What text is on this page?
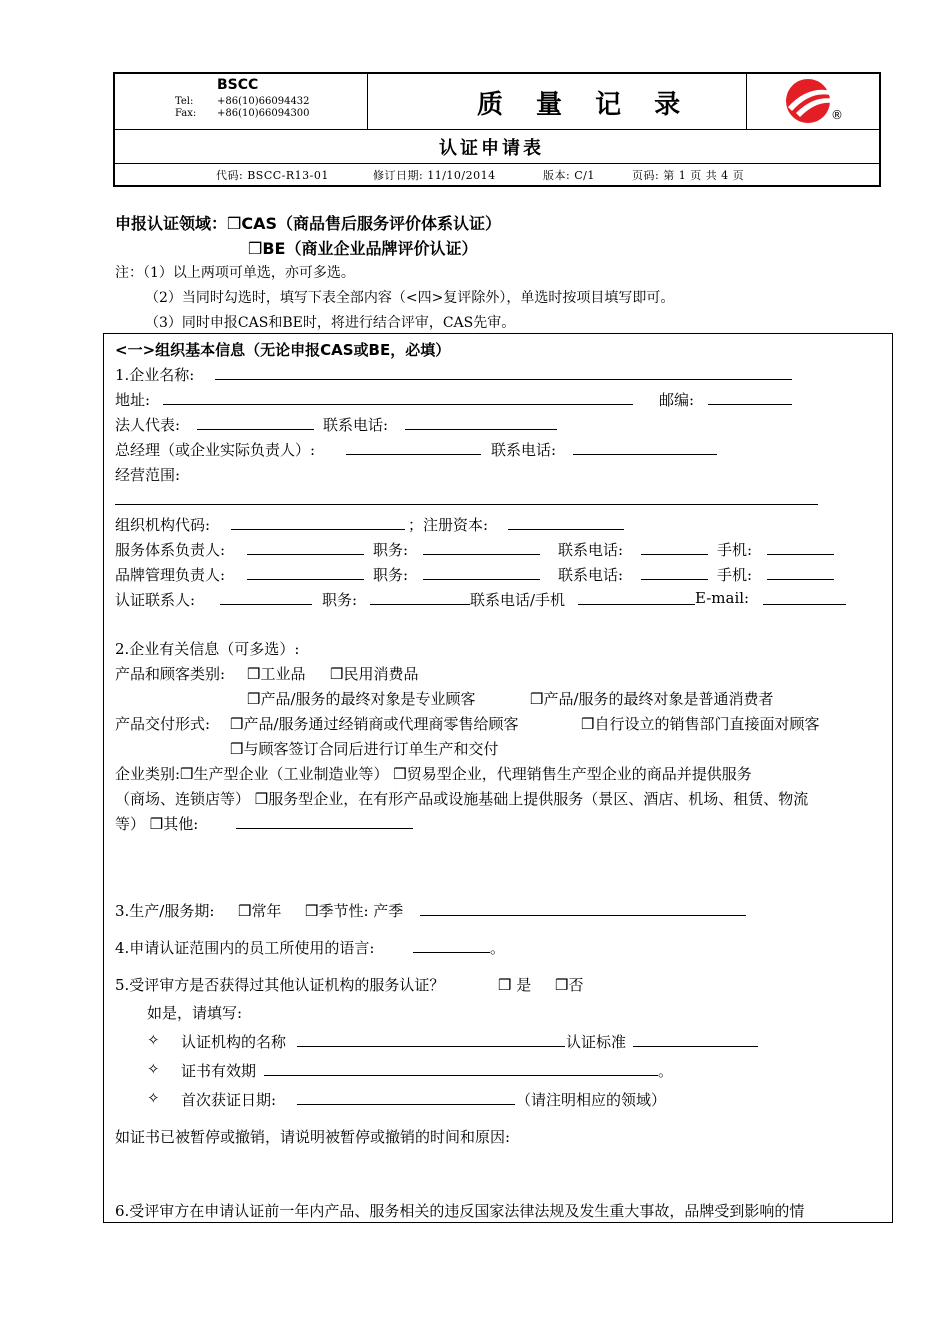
BSCC
Tel: +86(10)66094432
Fax: +86(10)66094300	质 量 记 录	®
认证申请表
代码: BSCC-R13-01	修订日期: 11/10/2014	版本: C/1	页码: 第 1 页 共 4 页
申报认证领域：❒CAS（商品售后服务评价体系认证）
❒BE（商业企业品牌评价认证）
注：（1）以上两项可单选，亦可多选。
（2）当同时勾选时，填写下表全部内容（<四>复评除外），单选时按项目填写即可。
（3）同时申报CAS和BE时，将进行结合评审，CAS先审。
<一>组织基本信息（无论申报CAS或BE，必填）
1.企业名称:
地址:	邮编:
法人代表:	联系电话:
总经理（或企业实际负责人）:	联系电话:
经营范围:
组织机构代码:	；注册资本:
服务体系负责人:	职务:	联系电话:	手机:
品牌管理负责人:	职务:	联系电话:	手机:
认证联系人:	职务:	联系电话/手机	E-mail:
2.企业有关信息（可多选）:
产品和顾客类别: ❒工业品 ❒民用消费品
❒产品/服务的最终对象是专业顾客	❒产品/服务的最终对象是普通消费者
产品交付形式: ❒产品/服务通过经销商或代理商零售给顾客	❒自行设立的销售部门直接面对顾客
❒与顾客签订合同后进行订单生产和交付
企业类别:❒生产型企业（工业制造业等） ❒贸易型企业，代理销售生产型企业的商品并提供服务
（商场、连锁店等） ❒服务型企业，在有形产品或设施基础上提供服务（景区、酒店、机场、租赁、物流
等） ❒其他:
3.生产/服务期: ❒常年 ❒季节性: 产季
4.申请认证范围内的员工所使用的语言:	。
5.受评审方是否获得过其他认证机构的服务认证？	❒ 是 ❒否
如是，请填写:
✧ 认证机构的名称	认证标准
✧ 证书有效期	。
✧ 首次获证日期:	（请注明相应的领域）
如证书已被暂停或撤销，请说明被暂停或撤销的时间和原因:
6.受评审方在申请认证前一年内产品、服务相关的违反国家法律法规及发生重大事故，品牌受到影响的情
